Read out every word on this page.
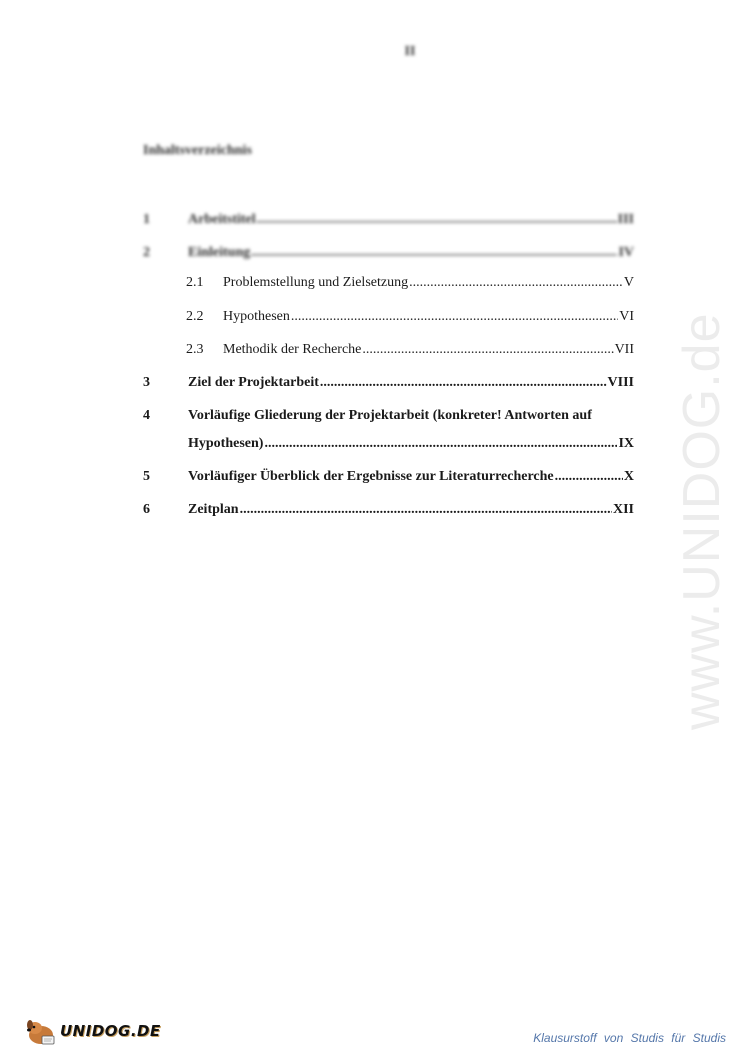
II
Inhaltsverzeichnis
1	Arbeitstitel .....	III
2	Einleitung .....	IV
2.1	Problemstellung und Zielsetzung .....	V
2.2	Hypothesen .....	VI
2.3	Methodik der Recherche .....	VII
3	Ziel der Projektarbeit .....	VIII
4	Vorläufige Gliederung der Projektarbeit (konkreter! Antworten auf
Hypothesen) .....	IX
5	Vorläufiger Überblick der Ergebnisse zur Literaturrecherche .....	X
6	Zeitplan .....	XII www.UNIDOG.de
UNIDOG.DE	Klausurstoff von Studis für Studis
